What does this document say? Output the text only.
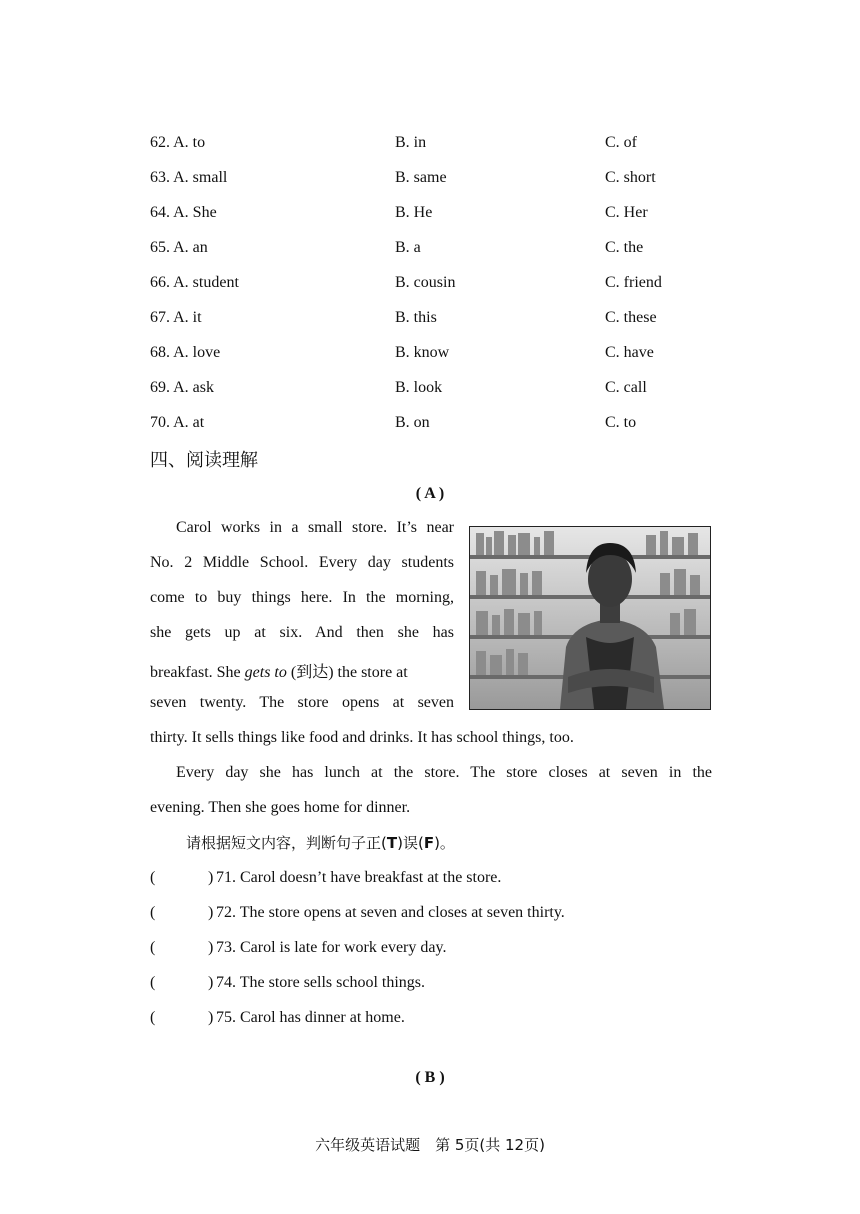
62. A. to	B. in	C. of
63. A. small	B. same	C. short
64. A. She	B. He	C. Her
65. A. an	B. a	C. the
66. A. student	B. cousin	C. friend
67. A. it	B. this	C. these
68. A. love	B. know	C. have
69. A. ask	B. look	C. call
70. A. at	B. on	C. to
四、阅读理解
( A )
Carol works in a small store. It’s near
No. 2 Middle School. Every day students
come to buy things here. In the morning,
she gets up at six. And then she has
breakfast. She gets to (到达) the store at
seven twenty. The store opens at seven
thirty. It sells things like food and drinks. It has school things, too.
Every day she has lunch at the store. The store closes at seven in the
evening. Then she goes home for dinner.
请根据短文内容，判断句子正(T)误(F)。
(	) 71. Carol doesn’t have breakfast at the store.
(	) 72. The store opens at seven and closes at seven thirty.
(	) 73. Carol is late for work every day.
(	) 74. The store sells school things.
(	) 75. Carol has dinner at home.
( B )
六年级英语试题　第 5页(共 12页)
